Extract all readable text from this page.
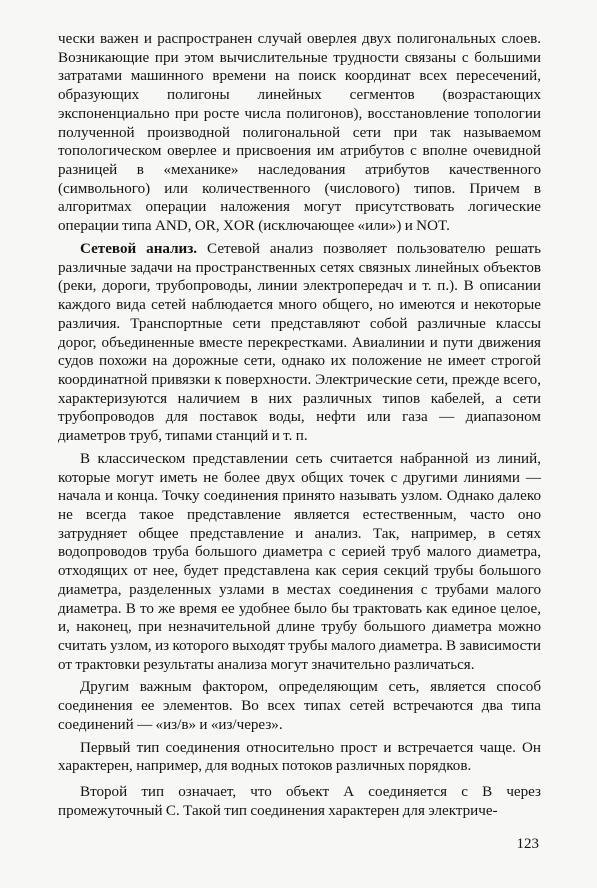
чески важен и распространен случай оверлея двух полигональных слоев. Возникающие при этом вычислительные трудности связаны с большими затратами машинного времени на поиск координат всех пересечений, образующих полигоны линейных сегментов (возрастающих экспоненциально при росте числа полигонов), восстановление топологии полученной производной полигональной сети при так называемом топологическом оверлее и присвоения им атрибутов с вполне очевидной разницей в «механике» наследования атрибутов качественного (символьного) или количественного (числового) типов. Причем в алгоритмах операции наложения могут присутствовать логические операции типа AND, OR, XOR (исключающее «или») и NOT.

Сетевой анализ. Сетевой анализ позволяет пользователю решать различные задачи на пространственных сетях связных линейных объектов (реки, дороги, трубопроводы, линии электропередач и т. п.). В описании каждого вида сетей наблюдается много общего, но имеются и некоторые различия. Транспортные сети представляют собой различные классы дорог, объединенные вместе перекрестками. Авиалинии и пути движения судов похожи на дорожные сети, однако их положение не имеет строгой координатной привязки к поверхности. Электрические сети, прежде всего, характеризуются наличием в них различных типов кабелей, а сети трубопроводов для поставок воды, нефти или газа — диапазоном диаметров труб, типами станций и т. п.

В классическом представлении сеть считается набранной из линий, которые могут иметь не более двух общих точек с другими линиями — начала и конца. Точку соединения принято называть узлом. Однако далеко не всегда такое представление является естественным, часто оно затрудняет общее представление и анализ. Так, например, в сетях водопроводов труба большого диаметра с серией труб малого диаметра, отходящих от нее, будет представлена как серия секций трубы большого диаметра, разделенных узлами в местах соединения с трубами малого диаметра. В то же время ее удобнее было бы трактовать как единое целое, и, наконец, при незначительной длине трубу большого диаметра можно считать узлом, из которого выходят трубы малого диаметра. В зависимости от трактовки результаты анализа могут значительно различаться.

Другим важным фактором, определяющим сеть, является способ соединения ее элементов. Во всех типах сетей встречаются два типа соединений — «из/в» и «из/через».

Первый тип соединения относительно прост и встречается чаще. Он характерен, например, для водных потоков различных порядков.

Второй тип означает, что объект А соединяется с В через промежуточный С. Такой тип соединения характерен для электриче-

123
